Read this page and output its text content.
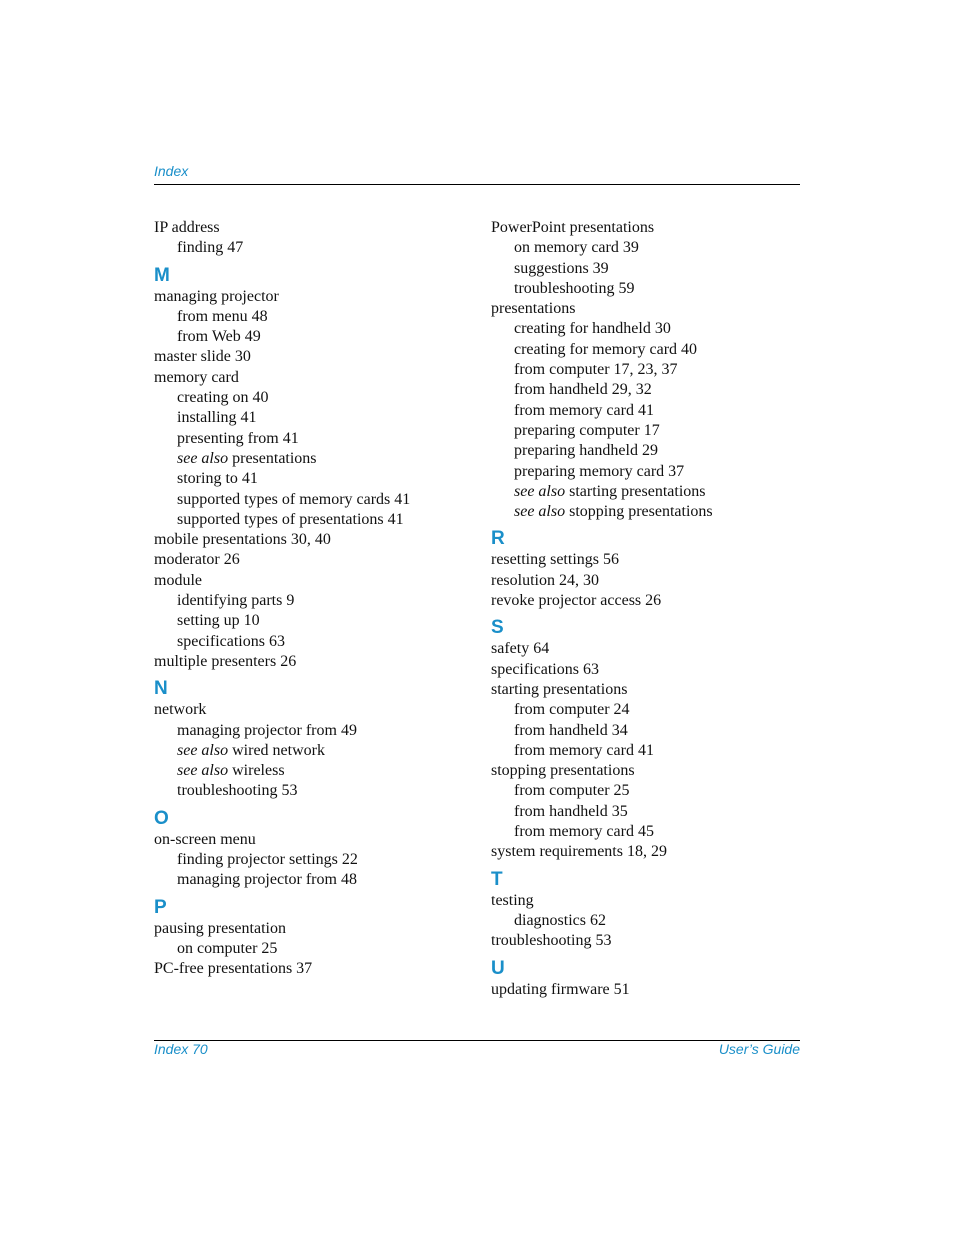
Index
IP address
finding 47
M
managing projector
from menu 48
from Web 49
master slide 30
memory card
creating on 40
installing 41
presenting from 41
see also presentations
storing to 41
supported types of memory cards 41
supported types of presentations 41
mobile presentations 30, 40
moderator 26
module
identifying parts 9
setting up 10
specifications 63
multiple presenters 26
N
network
managing projector from 49
see also wired network
see also wireless
troubleshooting 53
O
on-screen menu
finding projector settings 22
managing projector from 48
P
pausing presentation
on computer 25
PC-free presentations 37
PowerPoint presentations
on memory card 39
suggestions 39
troubleshooting 59
presentations
creating for handheld 30
creating for memory card 40
from computer 17, 23, 37
from handheld 29, 32
from memory card 41
preparing computer 17
preparing handheld 29
preparing memory card 37
see also starting presentations
see also stopping presentations
R
resetting settings 56
resolution 24, 30
revoke projector access 26
S
safety 64
specifications 63
starting presentations
from computer 24
from handheld 34
from memory card 41
stopping presentations
from computer 25
from handheld 35
from memory card 45
system requirements 18, 29
T
testing
diagnostics 62
troubleshooting 53
U
updating firmware 51
Index 70	User’s Guide
